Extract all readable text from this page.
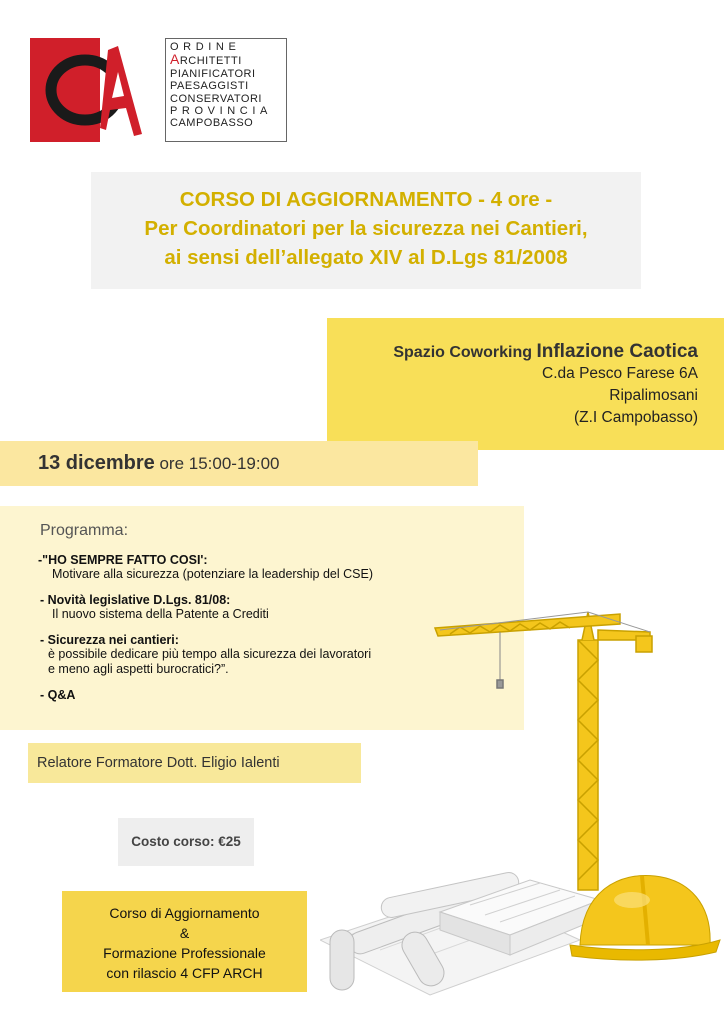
ORDINE
ARCHITETTI
PIANIFICATORI
PAESAGGISTI
CONSERVATORI
PROVINCIA
CAMPOBASSO
CORSO DI AGGIORNAMENTO - 4 ore -
Per Coordinatori per la sicurezza nei Cantieri,
ai sensi dell’allegato XIV al D.Lgs 81/2008
Spazio Coworking Inflazione Caotica
C.da Pesco Farese 6A
Ripalimosani
(Z.I Campobasso)
13 dicembre ore 15:00-19:00
Programma:
-"HO SEMPRE FATTO COSI':
Motivare alla sicurezza (potenziare la leadership del CSE)
- Novità legislative D.Lgs. 81/08:
Il nuovo sistema della Patente a Crediti
- Sicurezza nei cantieri:
è possibile dedicare più tempo alla sicurezza dei lavoratori
e meno agli aspetti burocratici?”.
- Q&A
Relatore Formatore Dott. Eligio Ialenti
Costo corso: €25
Corso di Aggiornamento
&
Formazione Professionale
con rilascio 4 CFP ARCH
